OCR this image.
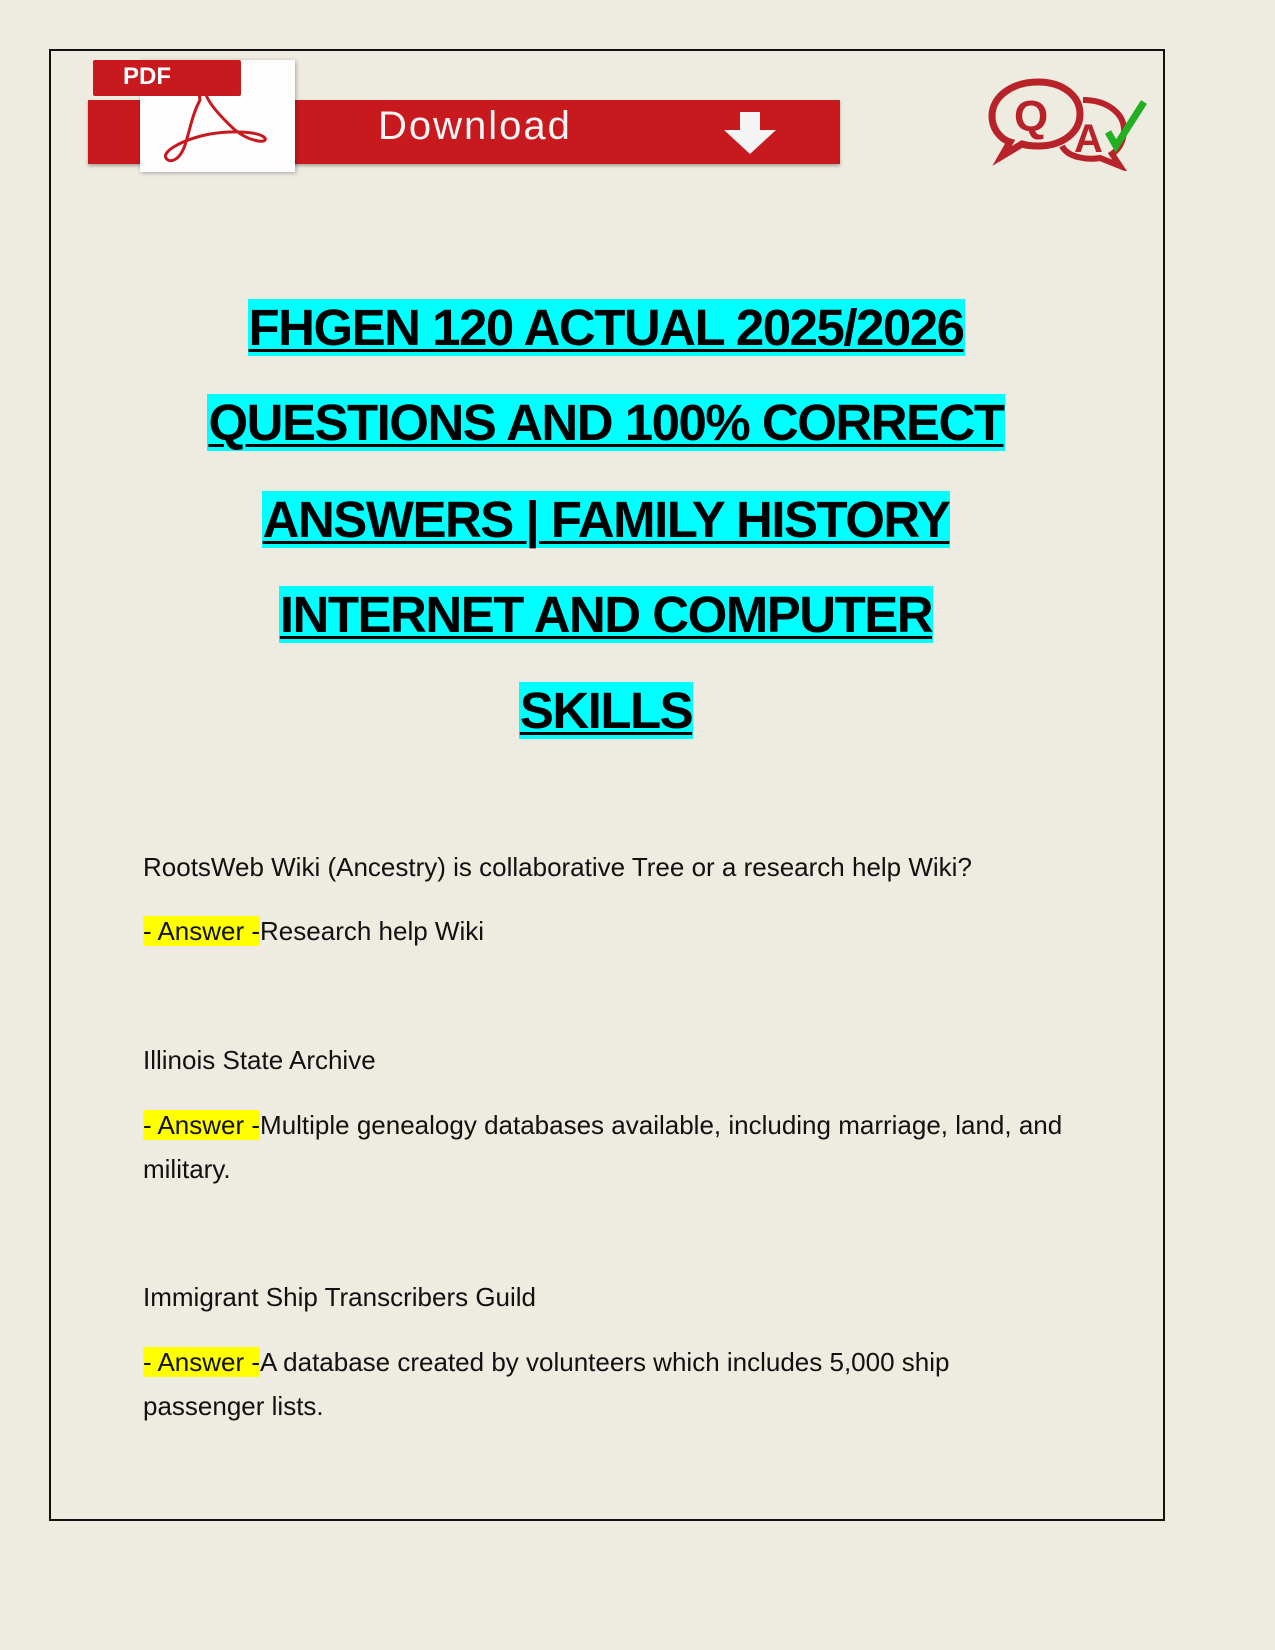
PDF
Download	Q A
FHGEN 120 ACTUAL 2025/2026
QUESTIONS AND 100% CORRECT
ANSWERS | FAMILY HISTORY
INTERNET AND COMPUTER
SKILLS
RootsWeb Wiki (Ancestry) is collaborative Tree or a research help Wiki?
- Answer -Research help Wiki
Illinois State Archive
- Answer -Multiple genealogy databases available, including marriage, land, and military.
Immigrant Ship Transcribers Guild
- Answer -A database created by volunteers which includes 5,000 ship passenger lists.
